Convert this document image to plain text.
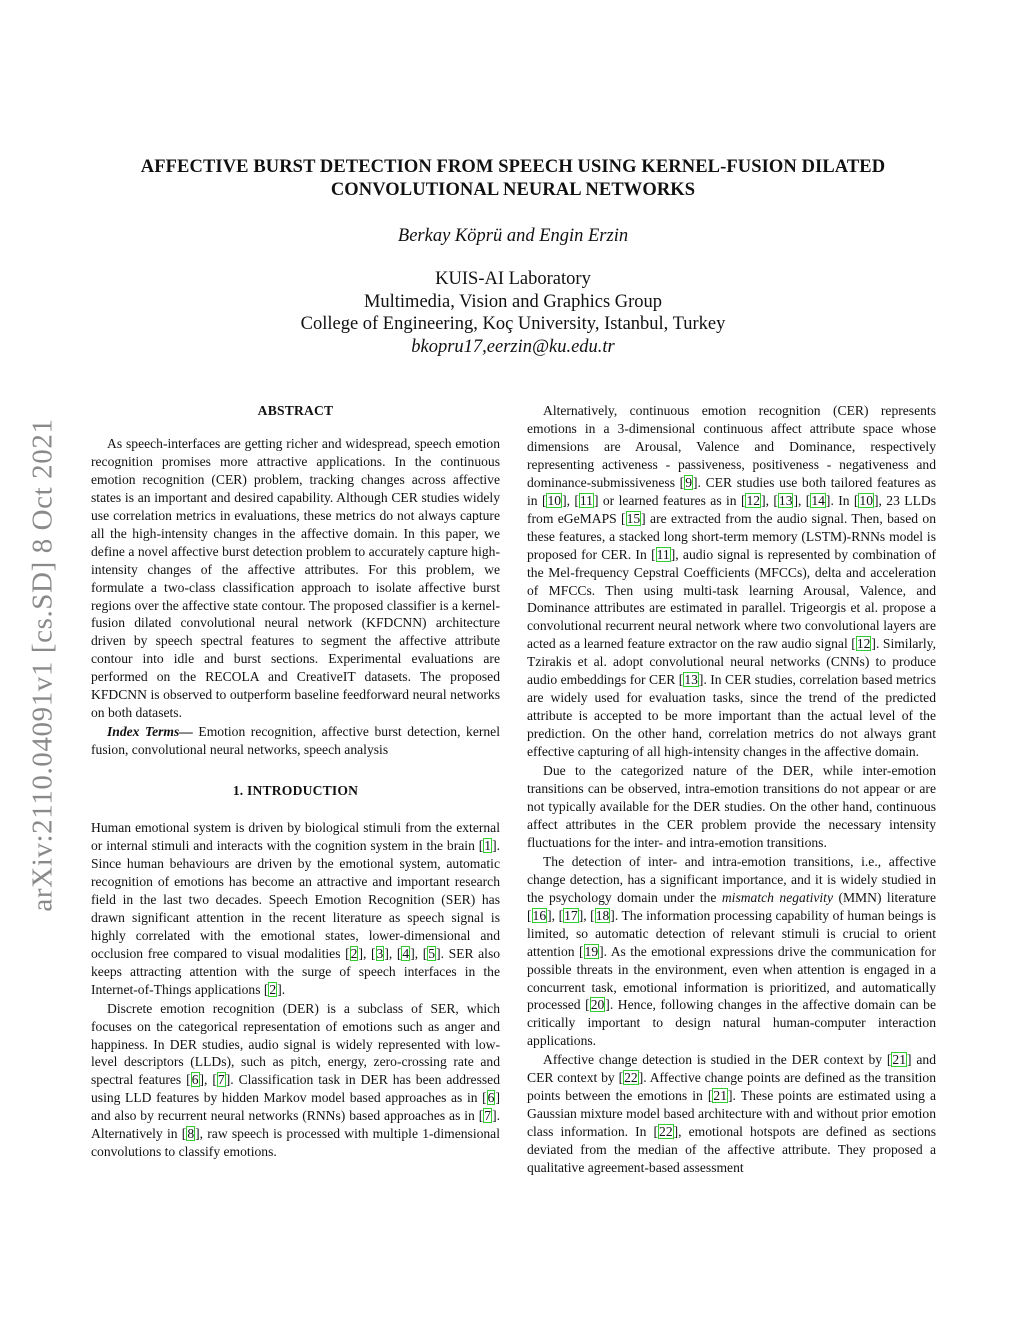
arXiv:2110.04091v1 [cs.SD] 8 Oct 2021
AFFECTIVE BURST DETECTION FROM SPEECH USING KERNEL-FUSION DILATED
CONVOLUTIONAL NEURAL NETWORKS
Berkay Köprü and Engin Erzin
KUIS-AI Laboratory
Multimedia, Vision and Graphics Group
College of Engineering, Koç University, Istanbul, Turkey
bkopru17,eerzin@ku.edu.tr
ABSTRACT

As speech-interfaces are getting richer and widespread, speech emotion recognition promises more attractive applications. In the continuous emotion recognition (CER) problem, tracking changes across affective states is an important and desired capability. Although CER studies widely use correlation metrics in evaluations, these metrics do not always capture all the high-intensity changes in the affective domain. In this paper, we define a novel affective burst detection problem to accurately capture high-intensity changes of the affective attributes. For this problem, we formulate a two-class classification approach to isolate affective burst regions over the affective state contour. The proposed classifier is a kernel-fusion dilated convolutional neural network (KFDCNN) architecture driven by speech spectral features to segment the affective attribute contour into idle and burst sections. Experimental evaluations are performed on the RECOLA and CreativeIT datasets. The proposed KFDCNN is observed to outperform baseline feedforward neural networks on both datasets.

Index Terms— Emotion recognition, affective burst detection, kernel fusion, convolutional neural networks, speech analysis

1. INTRODUCTION

Human emotional system is driven by biological stimuli from the external or internal stimuli and interacts with the cognition system in the brain [1]. Since human behaviours are driven by the emotional system, automatic recognition of emotions has become an attractive and important research field in the last two decades. Speech Emotion Recognition (SER) has drawn significant attention in the recent literature as speech signal is highly correlated with the emotional states, lower-dimensional and occlusion free compared to visual modalities [2], [3], [4], [5]. SER also keeps attracting attention with the surge of speech interfaces in the Internet-of-Things applications [2].

Discrete emotion recognition (DER) is a subclass of SER, which focuses on the categorical representation of emotions such as anger and happiness. In DER studies, audio signal is widely represented with low-level descriptors (LLDs), such as pitch, energy, zero-crossing rate and spectral features [6], [7]. Classification task in DER has been addressed using LLD features by hidden Markov model based approaches as in [6] and also by recurrent neural networks (RNNs) based approaches as in [7]. Alternatively in [8], raw speech is processed with multiple 1-dimensional convolutions to classify emotions.

Alternatively, continuous emotion recognition (CER) represents emotions in a 3-dimensional continuous affect attribute space whose dimensions are Arousal, Valence and Dominance, respectively representing activeness - passiveness, positiveness - negativeness and dominance-submissiveness [9]. CER studies use both tailored features as in [10], [11] or learned features as in [12], [13], [14]. In [10], 23 LLDs from eGeMAPS [15] are extracted from the audio signal. Then, based on these features, a stacked long short-term memory (LSTM)-RNNs model is proposed for CER. In [11], audio signal is represented by combination of the Mel-frequency Cepstral Coefficients (MFCCs), delta and acceleration of MFCCs. Then using multi-task learning Arousal, Valence, and Dominance attributes are estimated in parallel. Trigeorgis et al. propose a convolutional recurrent neural network where two convolutional layers are acted as a learned feature extractor on the raw audio signal [12]. Similarly, Tzirakis et al. adopt convolutional neural networks (CNNs) to produce audio embeddings for CER [13]. In CER studies, correlation based metrics are widely used for evaluation tasks, since the trend of the predicted attribute is accepted to be more important than the actual level of the prediction. On the other hand, correlation metrics do not always grant effective capturing of all high-intensity changes in the affective domain.

Due to the categorized nature of the DER, while inter-emotion transitions can be observed, intra-emotion transitions do not appear or are not typically available for the DER studies. On the other hand, continuous affect attributes in the CER problem provide the necessary intensity fluctuations for the inter- and intra-emotion transitions.

The detection of inter- and intra-emotion transitions, i.e., affective change detection, has a significant importance, and it is widely studied in the psychology domain under the mismatch negativity (MMN) literature [16], [17], [18]. The information processing capability of human beings is limited, so automatic detection of relevant stimuli is crucial to orient attention [19]. As the emotional expressions drive the communication for possible threats in the environment, even when attention is engaged in a concurrent task, emotional information is prioritized, and automatically processed [20]. Hence, following changes in the affective domain can be critically important to design natural human-computer interaction applications.

Affective change detection is studied in the DER context by [21] and CER context by [22]. Affective change points are defined as the transition points between the emotions in [21]. These points are estimated using a Gaussian mixture model based architecture with and without prior emotion class information. In [22], emotional hotspots are defined as sections deviated from the median of the affective attribute. They proposed a qualitative agreement-based assessment
